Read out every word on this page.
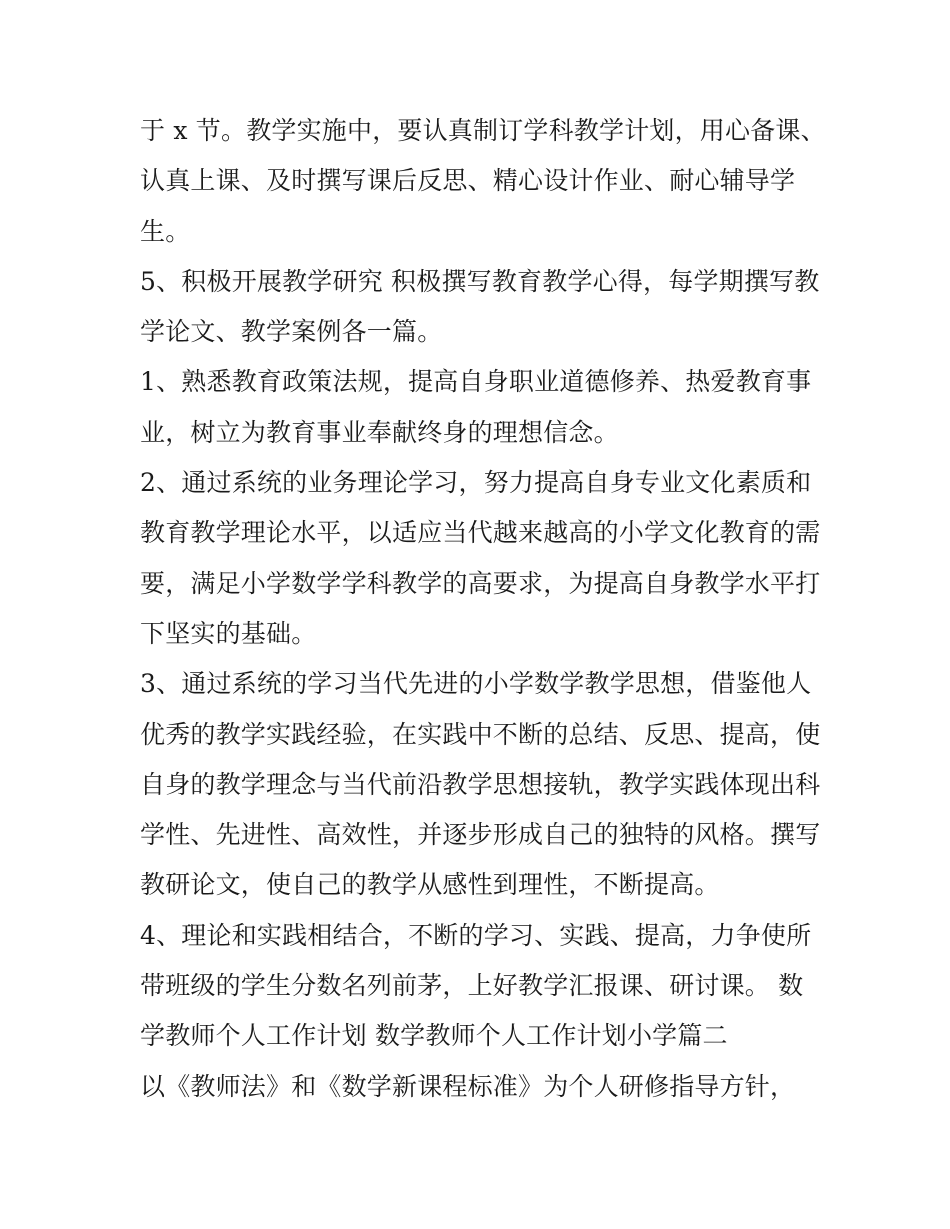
于 x 节。教学实施中，要认真制订学科教学计划，用心备课、
认真上课、及时撰写课后反思、精心设计作业、耐心辅导学
生。
5、积极开展教学研究 积极撰写教育教学心得，每学期撰写教
学论文、教学案例各一篇。
1、熟悉教育政策法规，提高自身职业道德修养、热爱教育事
业，树立为教育事业奉献终身的理想信念。
2、通过系统的业务理论学习，努力提高自身专业文化素质和
教育教学理论水平，以适应当代越来越高的小学文化教育的需
要，满足小学数学学科教学的高要求，为提高自身教学水平打
下坚实的基础。
3、通过系统的学习当代先进的小学数学教学思想，借鉴他人
优秀的教学实践经验，在实践中不断的总结、反思、提高，使
自身的教学理念与当代前沿教学思想接轨，教学实践体现出科
学性、先进性、高效性，并逐步形成自己的独特的风格。撰写
教研论文，使自己的教学从感性到理性，不断提高。
4、理论和实践相结合，不断的学习、实践、提高，力争使所
带班级的学生分数名列前茅，上好教学汇报课、研讨课。 数
学教师个人工作计划 数学教师个人工作计划小学篇二
以《教师法》和《数学新课程标准》为个人研修指导方针，
